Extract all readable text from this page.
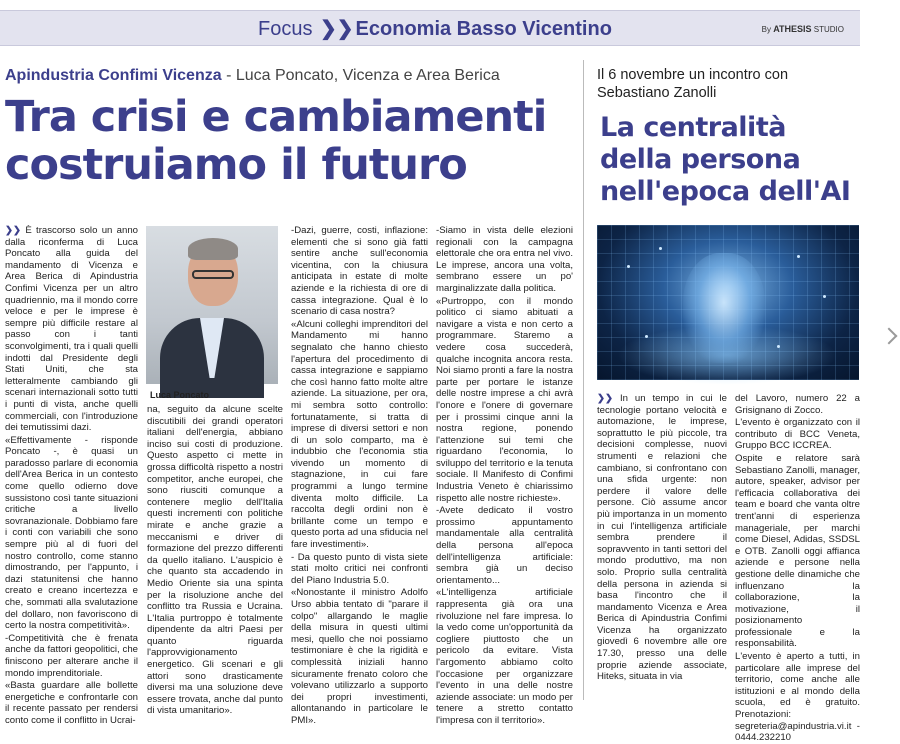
Focus ❯❯ Economia Basso Vicentino	By ATHESIS STUDIO
Apindustria Confimi Vicenza - Luca Poncato, Vicenza e Area Berica
Tra crisi e cambiamenti costruiamo il futuro

❯❯ È trascorso solo un anno dalla riconferma di Luca Poncato alla guida del mandamento di Vicenza e Area Berica di Apindustria Confimi Vicenza per un altro quadriennio, ma il mondo corre veloce e per le imprese è sempre più difficile restare al passo con i tanti sconvolgimenti, tra i quali quelli indotti dal Presidente degli Stati Uniti, che sta letteralmente cambiando gli scenari internazionali sotto tutti i punti di vista, anche quelli commerciali, con l'introduzione dei temutissimi dazi.

«Effettivamente - risponde Poncato -, è quasi un paradosso parlare di economia dell'Area Berica in un contesto come quello odierno dove sussistono così tante situazioni critiche a livello sovranazionale. Dobbiamo fare i conti con variabili che sono sempre più al di fuori del nostro controllo, come stanno dimostrando, per l'appunto, i dazi statunitensi che hanno creato e creano incertezza e che, sommati alla svalutazione del dollaro, non favoriscono di certo la nostra competitività».

-Competitività che è frenata anche da fattori geopolitici, che finiscono per alterare anche il mondo imprenditoriale.

«Basta guardare alle bollette energetiche e confrontarle con il recente passato per rendersi conto come il conflitto in Ucrai-

Luca Poncato

na, seguito da alcune scelte discutibili dei grandi operatori italiani dell'energia, abbiano inciso sui costi di produzione. Questo aspetto ci mette in grossa difficoltà rispetto a nostri competitor, anche europei, che sono riusciti comunque a contenere meglio dell'Italia questi incrementi con politiche mirate e anche grazie a meccanismi e driver di formazione del prezzo differenti da quello italiano. L'auspicio è che quanto sta accadendo in Medio Oriente sia una spinta per la risoluzione anche del conflitto tra Russia e Ucraina. L'Italia purtroppo è totalmente dipendente da altri Paesi per quanto riguarda l'approvvigionamento energetico. Gli scenari e gli attori sono drasticamente diversi ma una soluzione deve essere trovata, anche dal punto di vista umanitario».

-Dazi, guerre, costi, inflazione: elementi che si sono già fatti sentire anche sull'economia vicentina, con la chiusura anticipata in estate di molte aziende e la richiesta di ore di cassa integrazione. Qual è lo scenario di casa nostra?

«Alcuni colleghi imprenditori del Mandamento mi hanno segnalato che hanno chiesto l'apertura del procedimento di cassa integrazione e sappiamo che così hanno fatto molte altre aziende. La situazione, per ora, mi sembra sotto controllo: fortunatamente, si tratta di imprese di diversi settori e non di un solo comparto, ma è indubbio che l'economia stia vivendo un momento di stagnazione, in cui fare programmi a lungo termine diventa molto difficile. La raccolta degli ordini non è brillante come un tempo e questo porta ad una sfiducia nel fare investimenti».

- Da questo punto di vista siete stati molto critici nei confronti del Piano Industria 5.0.

«Nonostante il ministro Adolfo Urso abbia tentato di "parare il colpo" allargando le maglie della misura in questi ultimi mesi, quello che noi possiamo testimoniare è che la rigidità e complessità iniziali hanno sicuramente frenato coloro che volevano utilizzarlo a supporto dei propri investimenti, allontanando in particolare le PMI».

-Siamo in vista delle elezioni regionali con la campagna elettorale che ora entra nel vivo. Le imprese, ancora una volta, sembrano essere un po' marginalizzate dalla politica.

«Purtroppo, con il mondo politico ci siamo abituati a navigare a vista e non certo a programmare. Staremo a vedere cosa succederà, qualche incognita ancora resta. Noi siamo pronti a fare la nostra parte per portare le istanze delle nostre imprese a chi avrà l'onore e l'onere di governare per i prossimi cinque anni la nostra regione, ponendo l'attenzione sui temi che riguardano l'economia, lo sviluppo del territorio e la tenuta sociale. Il Manifesto di Confimi Industria Veneto è chiarissimo rispetto alle nostre richieste».

-Avete dedicato il vostro prossimo appuntamento mandamentale alla centralità della persona all'epoca dell'intelligenza artificiale: sembra già un deciso orientamento...

«L'intelligenza artificiale rappresenta già ora una rivoluzione nel fare impresa. Io la vedo come un'opportunità da cogliere piuttosto che un pericolo da evitare. Vista l'argomento abbiamo colto l'occasione per organizzare l'evento in una delle nostre aziende associate: un modo per tenere a stretto contatto l'impresa con il territorio».

Il 6 novembre un incontro con Sebastiano Zanolli
La centralità della persona nell'epoca dell'AI

❯❯ In un tempo in cui le tecnologie portano velocità e automazione, le imprese, soprattutto le più piccole, tra decisioni complesse, nuovi strumenti e relazioni che cambiano, si confrontano con una sfida urgente: non perdere il valore delle persone. Ciò assume ancor più importanza in un momento in cui l'intelligenza artificiale sembra prendere il sopravvento in tanti settori del mondo produttivo, ma non solo. Proprio sulla centralità della persona in azienda si basa l'incontro che il mandamento Vicenza e Area Berica di Apindustria Confimi Vicenza ha organizzato giovedì 6 novembre alle ore 17.30, presso una delle proprie aziende associate, Hiteks, situata in via

del Lavoro, numero 22 a Grisignano di Zocco.

L'evento è organizzato con il contributo di BCC Veneta, Gruppo BCC ICCREA.

Ospite e relatore sarà Sebastiano Zanolli, manager, autore, speaker, advisor per l'efficacia collaborativa dei team e board che vanta oltre trent'anni di esperienza manageriale, per marchi come Diesel, Adidas, SSDSL e OTB. Zanolli oggi affianca aziende e persone nella gestione delle dinamiche che influenzano la collaborazione, la motivazione, il posizionamento professionale e la responsabilità.

L'evento è aperto a tutti, in particolare alle imprese del territorio, come anche alle istituzioni e al mondo della scuola, ed è gratuito. Prenotazioni: segreteria@apindustria.vi.it - 0444.232210
